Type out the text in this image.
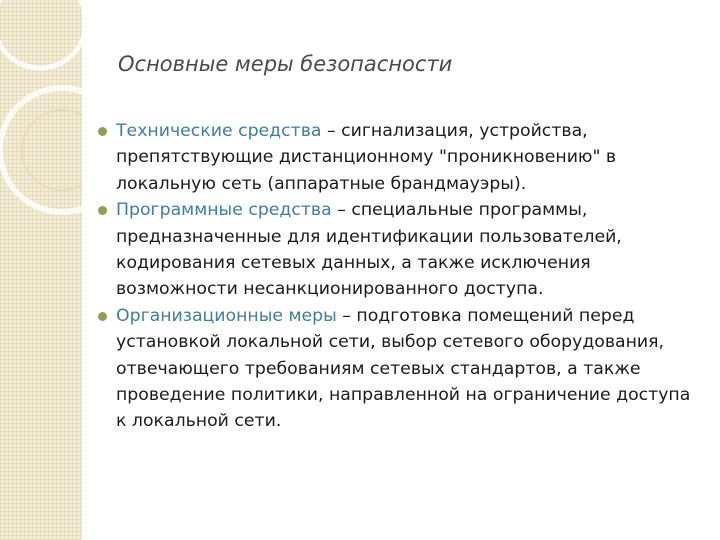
Основные меры безопасности
Технические средства – сигнализация, устройства, препятствующие дистанционному "проникновению" в локальную сеть (аппаратные брандмауэры).
Программные средства – специальные программы, предназначенные для идентификации пользователей, кодирования сетевых данных, а также исключения возможности несанкционированного доступа.
Организационные меры – подготовка помещений перед установкой локальной сети, выбор сетевого оборудования, отвечающего требованиям сетевых стандартов, а также проведение политики, направленной на ограничение доступа к локальной сети.
